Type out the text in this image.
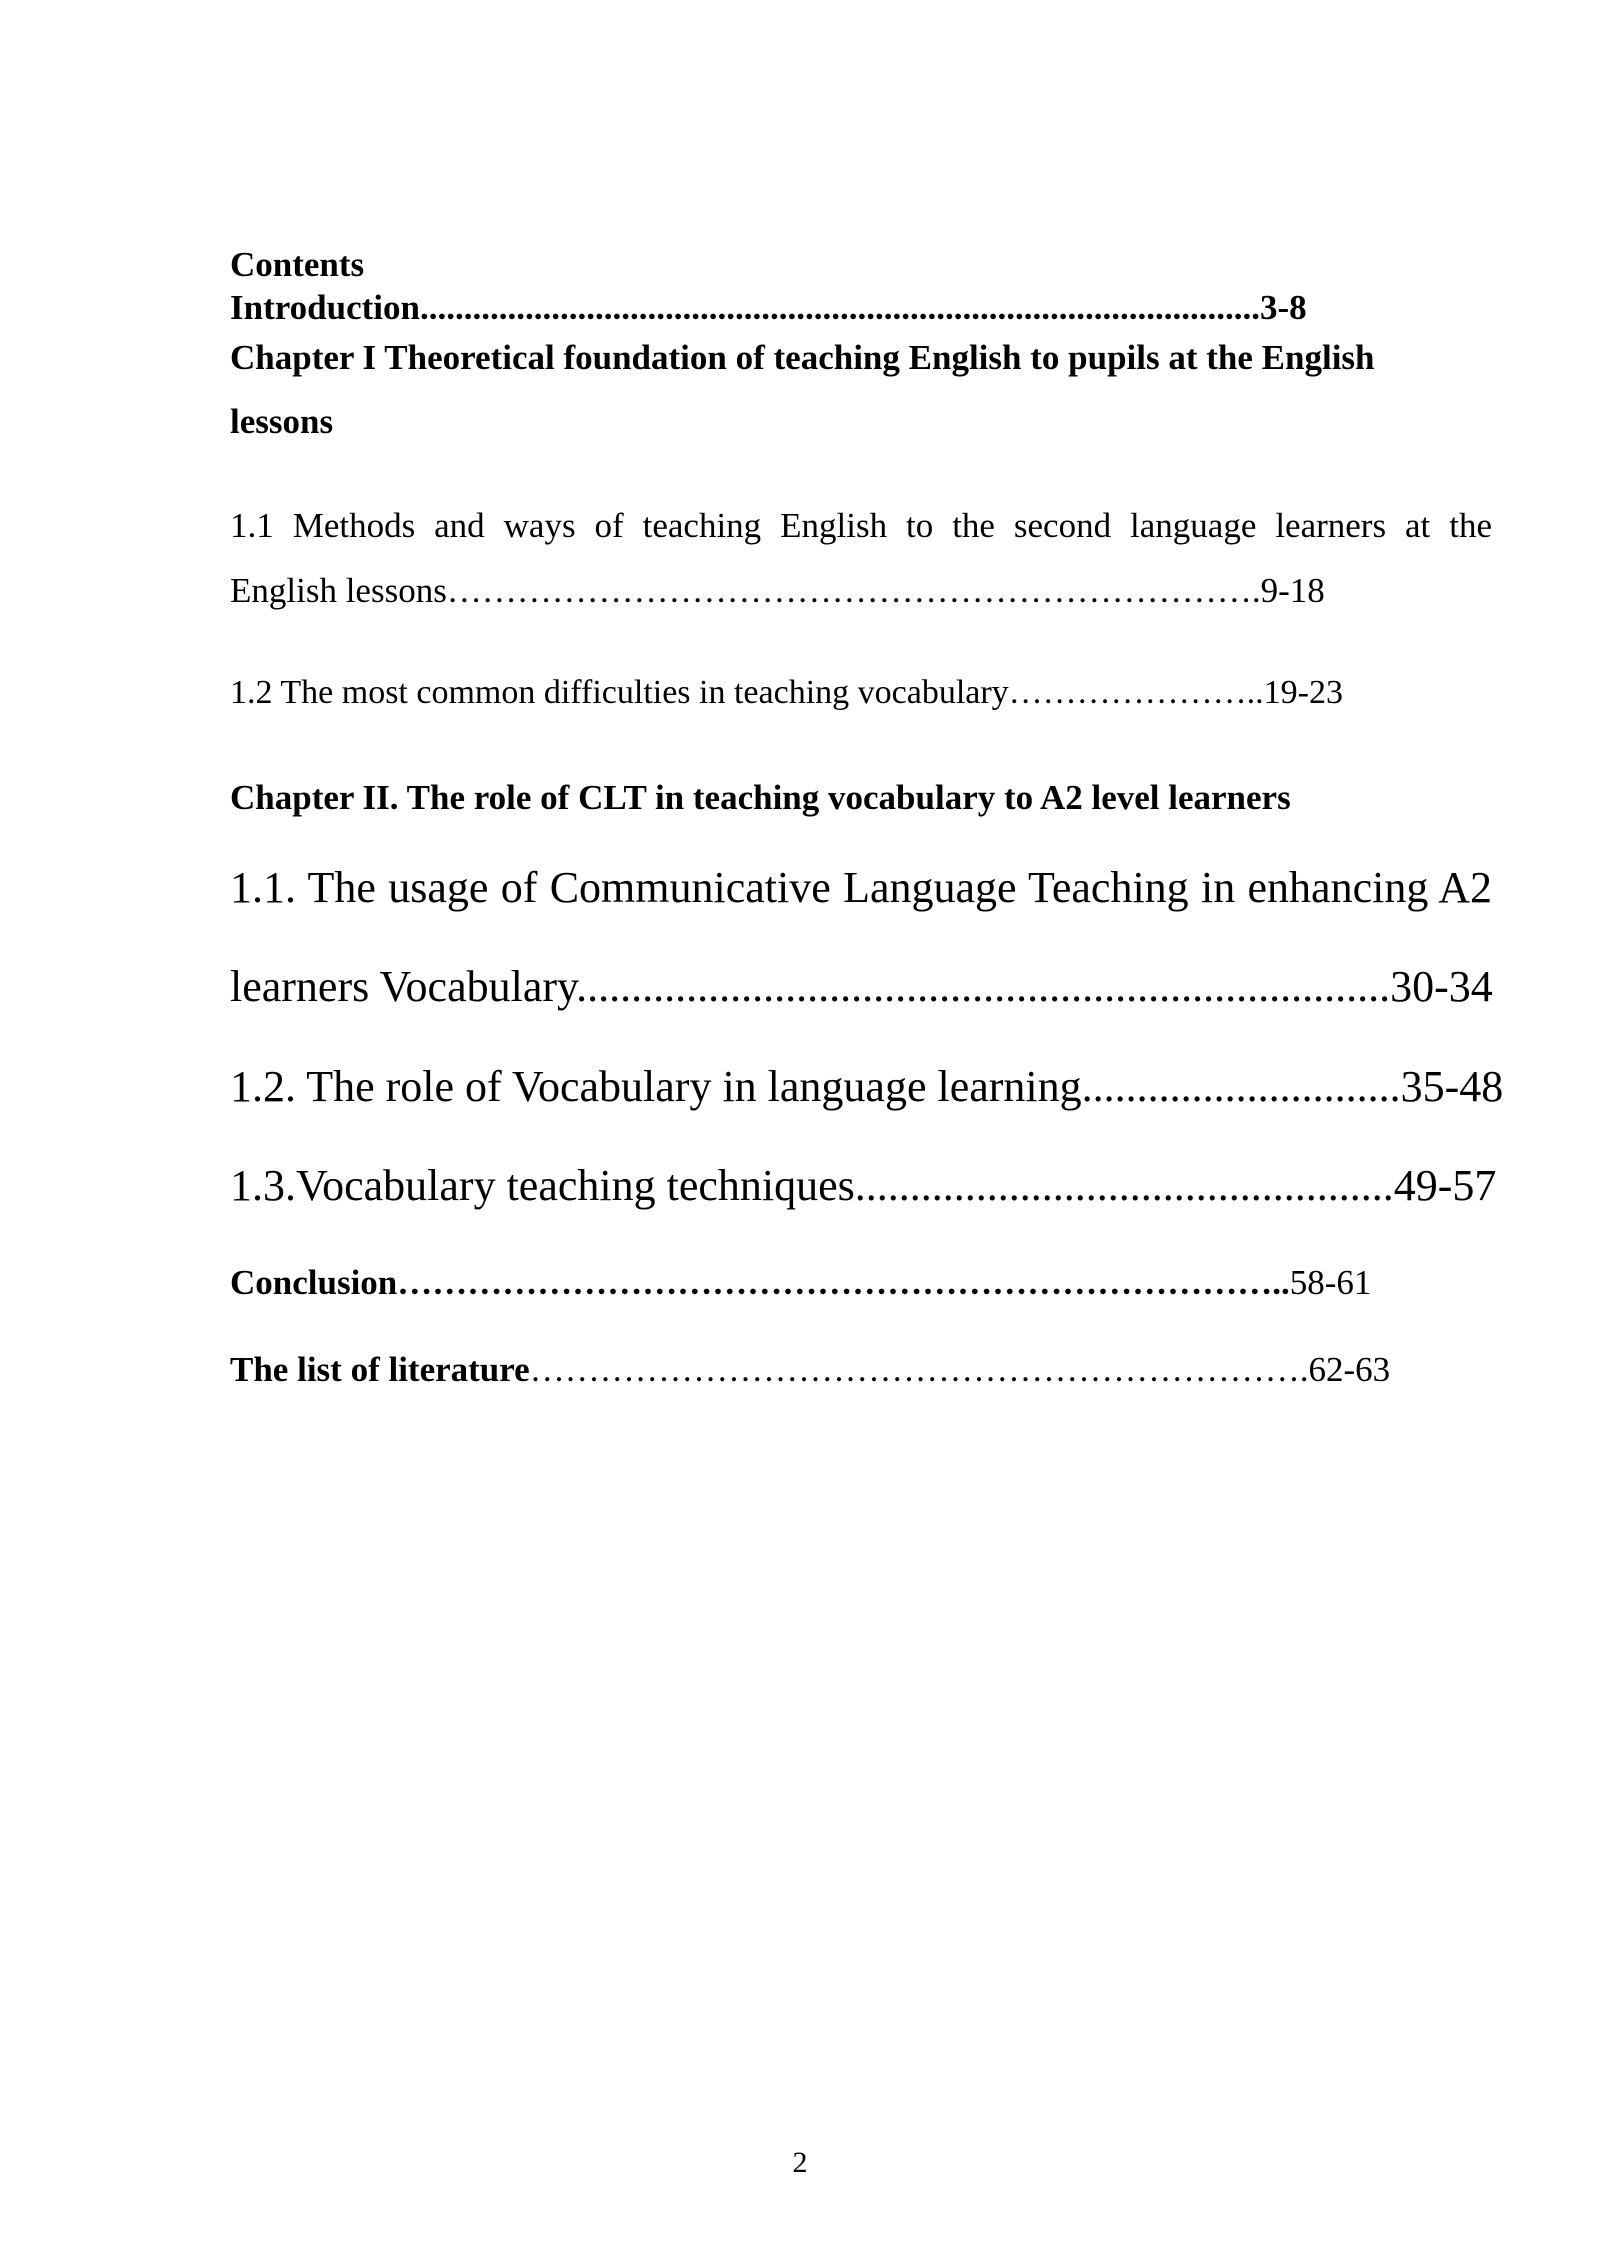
Contents
Introduction................................................................................................3-8
Chapter I Theoretical foundation of teaching English to pupils at the English
lessons
1.1 Methods and ways of teaching English to the second language learners at the
English lessons…………………………………………………………….9-18
1.2 The most common difficulties in teaching vocabulary…………………..19-23
Chapter II. The role of CLT in teaching vocabulary to A2 level learners
1.1. The usage of Communicative Language Teaching in enhancing A2
learners Vocabulary..........................................................................30-34
1.2. The role of Vocabulary in language learning.............................35-48
1.3.Vocabulary teaching techniques.................................................49-57
Conclusion…………………………………………………………………..58-61
The list of literature………………………………………………………….62-63
2
